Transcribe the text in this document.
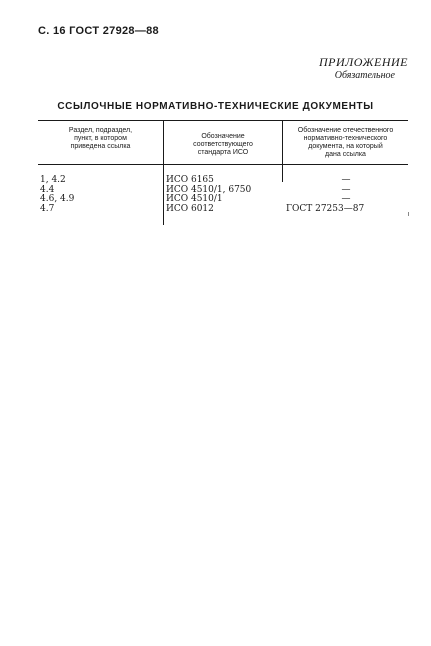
С. 16 ГОСТ 27928—88
ПРИЛОЖЕНИЕ
Обязательное
ССЫЛОЧНЫЕ НОРМАТИВНО-ТЕХНИЧЕСКИЕ ДОКУМЕНТЫ
Раздел, подраздел,
пункт, в котором
приведена ссылка
Обозначение
соответствующего
стандарта ИСО
Обозначение отечественного
нормативно-технического
документа, на который
дана ссылка
1, 4.2
4.4
4.6, 4.9
4.7
ИСО 6165
ИСО 4510/1, 6750
ИСО 4510/1
ИСО 6012
—
—
—
ГОСТ 27253—87
